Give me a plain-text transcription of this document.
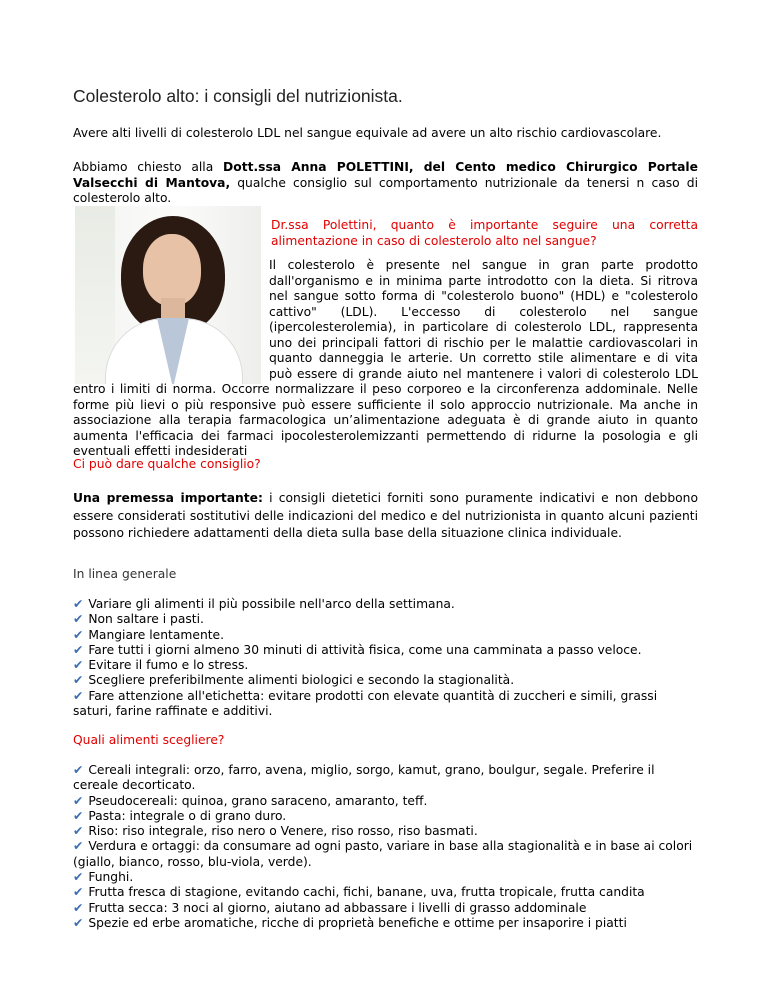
Colesterolo alto: i consigli del nutrizionista.

Avere alti livelli di colesterolo LDL nel sangue equivale ad avere un alto rischio cardiovascolare.

Abbiamo chiesto alla Dott.ssa Anna POLETTINI, del Cento medico Chirurgico Portale Valsecchi di Mantova, qualche consiglio sul comportamento nutrizionale da tenersi n caso di colesterolo alto.

Dr.ssa Polettini, quanto è importante seguire una corretta alimentazione in caso di colesterolo alto nel sangue?

Il colesterolo è presente nel sangue in gran parte prodotto dall'organismo e in minima parte introdotto con la dieta. Si ritrova nel sangue sotto forma di "colesterolo buono" (HDL) e "colesterolo cattivo" (LDL). L'eccesso di colesterolo nel sangue (ipercolesterolemia), in particolare di colesterolo LDL, rappresenta uno dei principali fattori di rischio per le malattie cardiovascolari in quanto danneggia le arterie. Un corretto stile alimentare e di vita può essere di grande aiuto nel mantenere i valori di colesterolo LDL entro i limiti di norma. Occorre normalizzare il peso corporeo e la circonferenza addominale. Nelle forme più lievi o più responsive può essere sufficiente il solo approccio nutrizionale. Ma anche in associazione alla terapia farmacologica un’alimentazione adeguata è di grande aiuto in quanto aumenta l'efficacia dei farmaci ipocolesterolemizzanti permettendo di ridurne la posologia e gli eventuali effetti indesiderati

Ci può dare qualche consiglio?

Una premessa importante: i consigli dietetici forniti sono puramente indicativi e non debbono essere considerati sostitutivi delle indicazioni del medico e del nutrizionista in quanto alcuni pazienti possono richiedere adattamenti della dieta sulla base della situazione clinica individuale.

In linea generale

✔ Variare gli alimenti il più possibile nell'arco della settimana.
✔ Non saltare i pasti.
✔ Mangiare lentamente.
✔ Fare tutti i giorni almeno 30 minuti di attività fisica, come una camminata a passo veloce.
✔ Evitare il fumo e lo stress.
✔ Scegliere preferibilmente alimenti biologici e secondo la stagionalità.
✔ Fare attenzione all'etichetta: evitare prodotti con elevate quantità di zuccheri e simili, grassi saturi, farine raffinate e additivi.

Quali alimenti scegliere?

✔ Cereali integrali: orzo, farro, avena, miglio, sorgo, kamut, grano, boulgur, segale. Preferire il cereale decorticato.
✔ Pseudocereali: quinoa, grano saraceno, amaranto, teff.
✔ Pasta: integrale o di grano duro.
✔ Riso: riso integrale, riso nero o Venere, riso rosso, riso basmati.
✔ Verdura e ortaggi: da consumare ad ogni pasto, variare in base alla stagionalità e in base ai colori (giallo, bianco, rosso, blu-viola, verde).
✔ Funghi.
✔ Frutta fresca di stagione, evitando cachi, fichi, banane, uva, frutta tropicale, frutta candita
✔ Frutta secca: 3 noci al giorno, aiutano ad abbassare i livelli di grasso addominale
✔ Spezie ed erbe aromatiche, ricche di proprietà benefiche e ottime per insaporire i piatti
